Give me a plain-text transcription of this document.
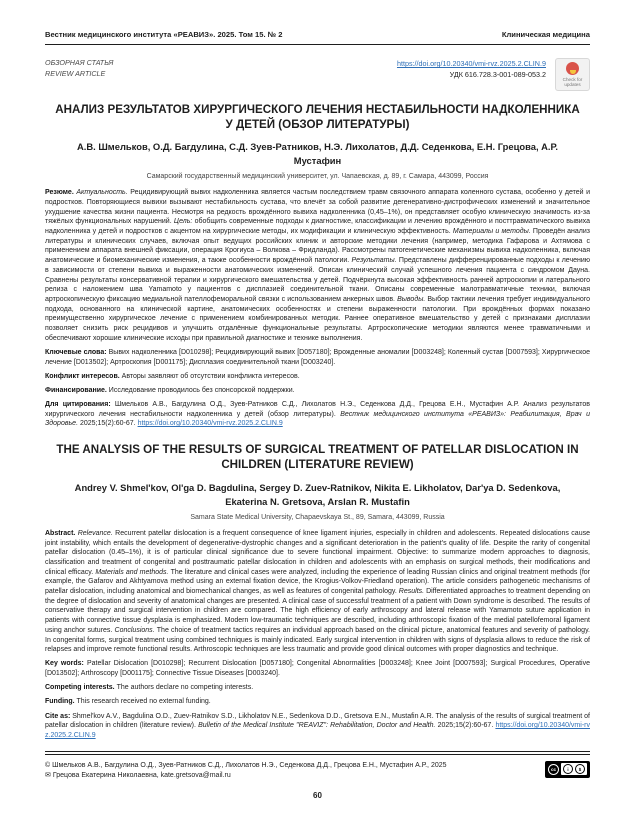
Вестник медицинского института «РЕАВИЗ». 2025. Том 15. № 2	Клиническая медицина
ОБЗОРНАЯ СТАТЬЯ
REVIEW ARTICLE
https://doi.org/10.20340/vmi-rvz.2025.2.CLIN.9
УДК 616.728.3-001-089-053.2	Check for updates
АНАЛИЗ РЕЗУЛЬТАТОВ ХИРУРГИЧЕСКОГО ЛЕЧЕНИЯ НЕСТАБИЛЬНОСТИ НАДКОЛЕННИКА У ДЕТЕЙ (ОБЗОР ЛИТЕРАТУРЫ)
А.В. Шмельков, О.Д. Багдулина, С.Д. Зуев-Ратников, Н.Э. Лихолатов, Д.Д. Седенкова, Е.Н. Грецова, А.Р. Мустафин
Самарский государственный медицинский университет, ул. Чапаевская, д. 89, г. Самара, 443099, Россия

Резюме. Актуальность. Рецидивирующий вывих надколенника является частым последствием травм связочного аппарата коленного сустава, особенно у детей и подростков. Повторяющиеся вывихи вызывают нестабильность сустава, что влечёт за собой развитие дегенеративно-дистрофических изменений и значительное ухудшение качества жизни пациента. Несмотря на редкость врождённого вывиха надколенника (0,45–1%), он представляет особую клиническую значимость из-за тяжёлых функциональных нарушений. Цель: обобщить современные подходы к диагностике, классификации и лечению врождённого и посттравматического вывиха надколенника у детей и подростков с акцентом на хирургические методы, их модификации и клиническую эффективность. Материалы и методы. Проведён анализ литературы и клинических случаев, включая опыт ведущих российских клиник и авторские методики лечения (например, методика Гафарова и Ахтямова с применением аппарата внешней фиксации, операция Крогиуса – Волкова – Фридланда). Рассмотрены патогенетические механизмы вывиха надколенника, включая анатомические и биомеханические изменения, а также особенности врождённой патологии. Результаты. Представлены дифференцированные подходы к лечению в зависимости от степени вывиха и выраженности анатомических изменений. Описан клинический случай успешного лечения пациента с синдромом Дауна. Сравнены результаты консервативной терапии и хирургического вмешательства у детей. Подчёркнута высокая эффективность ранней артроскопии и латерального релиза с наложением шва Yamamoto у пациентов с дисплазией соединительной ткани. Описаны современные малотравматичные техники, включая артроскопическую фиксацию медиальной пателлофеморальной связки с использованием анкерных швов. Выводы. Выбор тактики лечения требует индивидуального подхода, основанного на клинической картине, анатомических особенностях и степени выраженности патологии. При врождённых формах показано преимущественно хирургическое лечение с применением комбинированных методик. Раннее оперативное вмешательство у детей с признаками дисплазии позволяет снизить риск рецидивов и улучшить отдалённые функциональные результаты. Артроскопические методики являются менее травматичными и обеспечивают хорошие клинические исходы при правильной диагностике и технике выполнения.

Ключевые слова: Вывих надколенника [D010298]; Рецидивирующий вывих [D057180]; Врожденные аномалии [D003248]; Коленный сустав [D007593]; Хирургическое лечение [D013502]; Артроскопия [D001175]; Дисплазия соединительной ткани [D003240].

Конфликт интересов. Авторы заявляют об отсутствии конфликта интересов.

Финансирование. Исследование проводилось без спонсорской поддержки.

Для цитирования: Шмельков А.В., Багдулина О.Д., Зуев-Ратников С.Д., Лихолатов Н.Э., Седенкова Д.Д., Грецова Е.Н., Мустафин А.Р. Анализ результатов хирургического лечения нестабильности надколенника у детей (обзор литературы). Вестник медицинского института «РЕАВИЗ»: Реабилитация, Врач и Здоровье. 2025;15(2):60-67. https://doi.org/10.20340/vmi-rvz.2025.2.CLIN.9

THE ANALYSIS OF THE RESULTS OF SURGICAL TREATMENT OF PATELLAR DISLOCATION IN CHILDREN (LITERATURE REVIEW)
Andrey V. Shmel'kov, Ol'ga D. Bagdulina, Sergey D. Zuev-Ratnikov, Nikita E. Likholatov, Dar'ya D. Sedenkova, Ekaterina N. Gretsova, Arslan R. Mustafin
Samara State Medical University, Chapaevskaya St., 89, Samara, 443099, Russia

Abstract. Relevance. Recurrent patellar dislocation is a frequent consequence of knee ligament injuries, especially in children and adolescents. Repeated dislocations cause joint instability, which entails the development of degenerative-dystrophic changes and a significant deterioration in the patient's quality of life. Despite the rarity of congenital patellar dislocation (0.45–1%), it is of particular clinical significance due to severe functional impairment. Objective: to summarize modern approaches to diagnosis, classification and treatment of congenital and posttraumatic patellar dislocation in children and adolescents with an emphasis on surgical methods, their modifications and clinical efficacy. Materials and methods. The literature and clinical cases were analyzed, including the experience of leading Russian clinics and original treatment methods (for example, the Gafarov and Akhtyamova method using an external fixation device, the Krogius-Volkov-Friedland operation). The article considers pathogenetic mechanisms of patellar dislocation, including anatomical and biomechanical changes, as well as features of congenital pathology. Results. Differentiated approaches to treatment depending on the degree of dislocation and severity of anatomical changes are presented. A clinical case of successful treatment of a patient with Down syndrome is described. The results of conservative therapy and surgical intervention in children are compared. The high efficiency of early arthroscopy and lateral release with Yamamoto suture application in patients with connective tissue dysplasia is emphasized. Modern low-traumatic techniques are described, including arthroscopic fixation of the medial patellofemoral ligament using anchor sutures. Conclusions. The choice of treatment tactics requires an individual approach based on the clinical picture, anatomical features and severity of pathology. In congenital forms, surgical treatment using combined techniques is mainly indicated. Early surgical intervention in children with signs of dysplasia allows to reduce the risk of relapses and improve remote functional results. Arthroscopic techniques are less traumatic and provide good clinical outcomes with proper diagnostics and technique.

Key words: Patellar Dislocation [D010298]; Recurrent Dislocation [D057180]; Congenital Abnormalities [D003248]; Knee Joint [D007593]; Surgical Procedures, Operative [D013502]; Arthroscopy [D001175]; Connective Tissue Diseases [D003240].

Competing interests. The authors declare no competing interests.

Funding. This research received no external funding.

Cite as: Shmel'kov A.V., Bagdulina O.D., Zuev-Ratnikov S.D., Likholatov N.E., Sedenkova D.D., Gretsova E.N., Mustafin A.R. The analysis of the results of surgical treatment of patellar dislocation in children (literature review). Bulletin of the Medical Institute "REAVIZ": Rehabilitation, Doctor and Health. 2025;15(2):60-67. https://doi.org/10.20340/vmi-rvz.2025.2.CLIN.9

© Шмельков А.В., Багдулина О.Д., Зуев-Ратников С.Д., Лихолатов Н.Э., Седенкова Д.Д., Грецова Е.Н., Мустафин А.Р., 2025
✉ Грецова Екатерина Николаевна, kate.gretsova@mail.ru
cc	i	$
60
